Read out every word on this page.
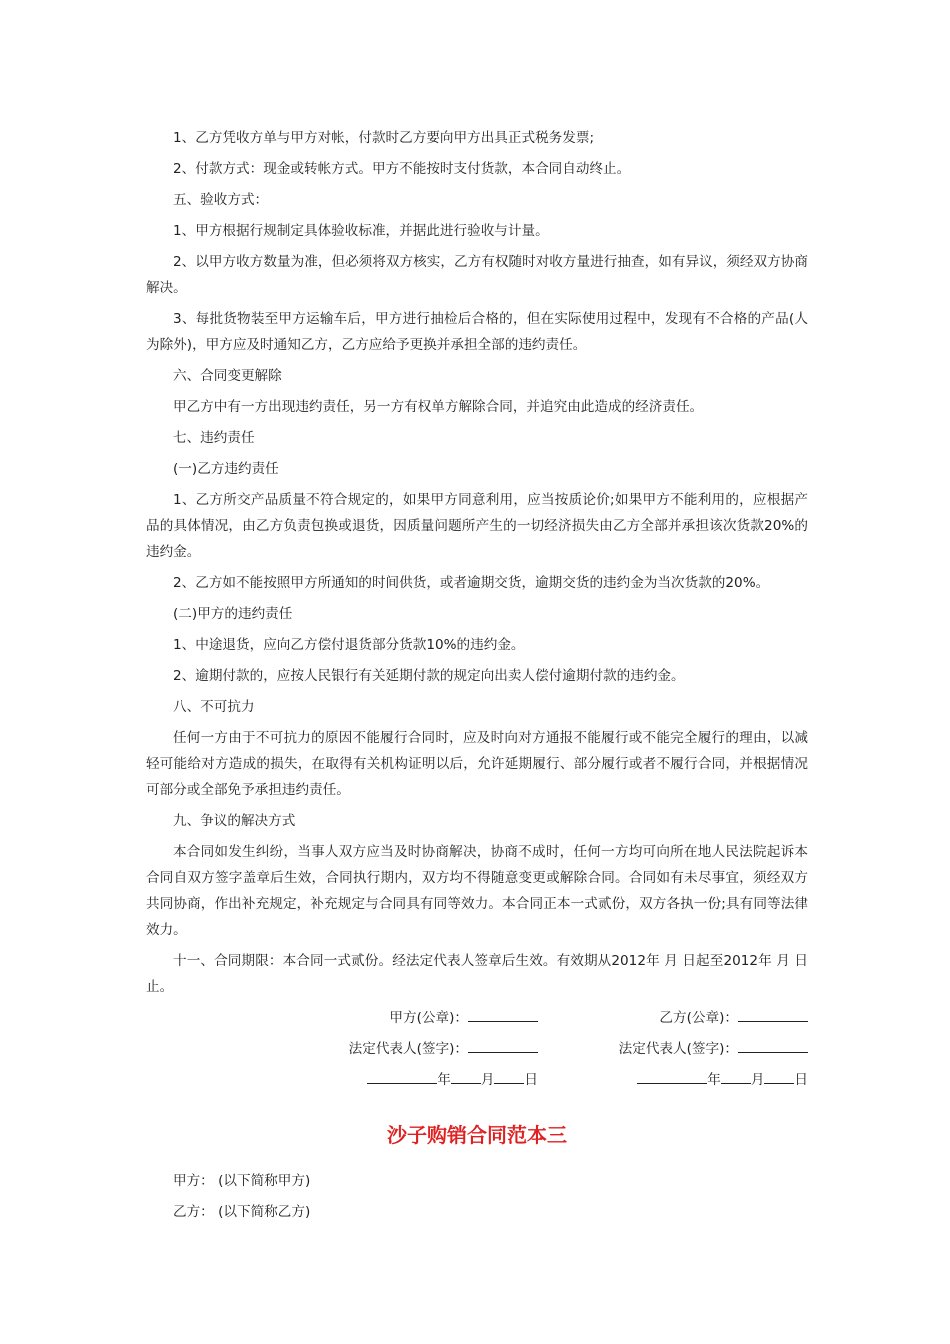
1、乙方凭收方单与甲方对帐，付款时乙方要向甲方出具正式税务发票;

2、付款方式：现金或转帐方式。甲方不能按时支付货款，本合同自动终止。

五、验收方式：

1、甲方根据行规制定具体验收标准，并据此进行验收与计量。

2、以甲方收方数量为准，但必须将双方核实，乙方有权随时对收方量进行抽查，如有异议，须经双方协商解决。

3、每批货物装至甲方运输车后，甲方进行抽检后合格的，但在实际使用过程中，发现有不合格的产品(人为除外)，甲方应及时通知乙方，乙方应给予更换并承担全部的违约责任。

六、合同变更解除

甲乙方中有一方出现违约责任，另一方有权单方解除合同，并追究由此造成的经济责任。

七、违约责任

(一)乙方违约责任

1、乙方所交产品质量不符合规定的，如果甲方同意利用，应当按质论价;如果甲方不能利用的，应根据产品的具体情况，由乙方负责包换或退货，因质量问题所产生的一切经济损失由乙方全部并承担该次货款20%的违约金。

2、乙方如不能按照甲方所通知的时间供货，或者逾期交货，逾期交货的违约金为当次货款的20%。

(二)甲方的违约责任

1、中途退货，应向乙方偿付退货部分货款10%的违约金。

2、逾期付款的，应按人民银行有关延期付款的规定向出卖人偿付逾期付款的违约金。

八、不可抗力

任何一方由于不可抗力的原因不能履行合同时，应及时向对方通报不能履行或不能完全履行的理由，以减轻可能给对方造成的损失，在取得有关机构证明以后，允许延期履行、部分履行或者不履行合同，并根据情况可部分或全部免予承担违约责任。

九、争议的解决方式

本合同如发生纠纷，当事人双方应当及时协商解决，协商不成时，任何一方均可向所在地人民法院起诉本合同自双方签字盖章后生效，合同执行期内，双方均不得随意变更或解除合同。合同如有未尽事宜，须经双方共同协商，作出补充规定，补充规定与合同具有同等效力。本合同正本一式贰份，双方各执一份;具有同等法律效力。

十一、合同期限：本合同一式贰份。经法定代表人签章后生效。有效期从2012年 月 日起至2012年 月 日止。

甲方(公章)：	乙方(公章)：
法定代表人(签字)：	法定代表人(签字)：
年 月 日	年 月 日
沙子购销合同范本三

甲方： (以下简称甲方)

乙方： (以下简称乙方)
